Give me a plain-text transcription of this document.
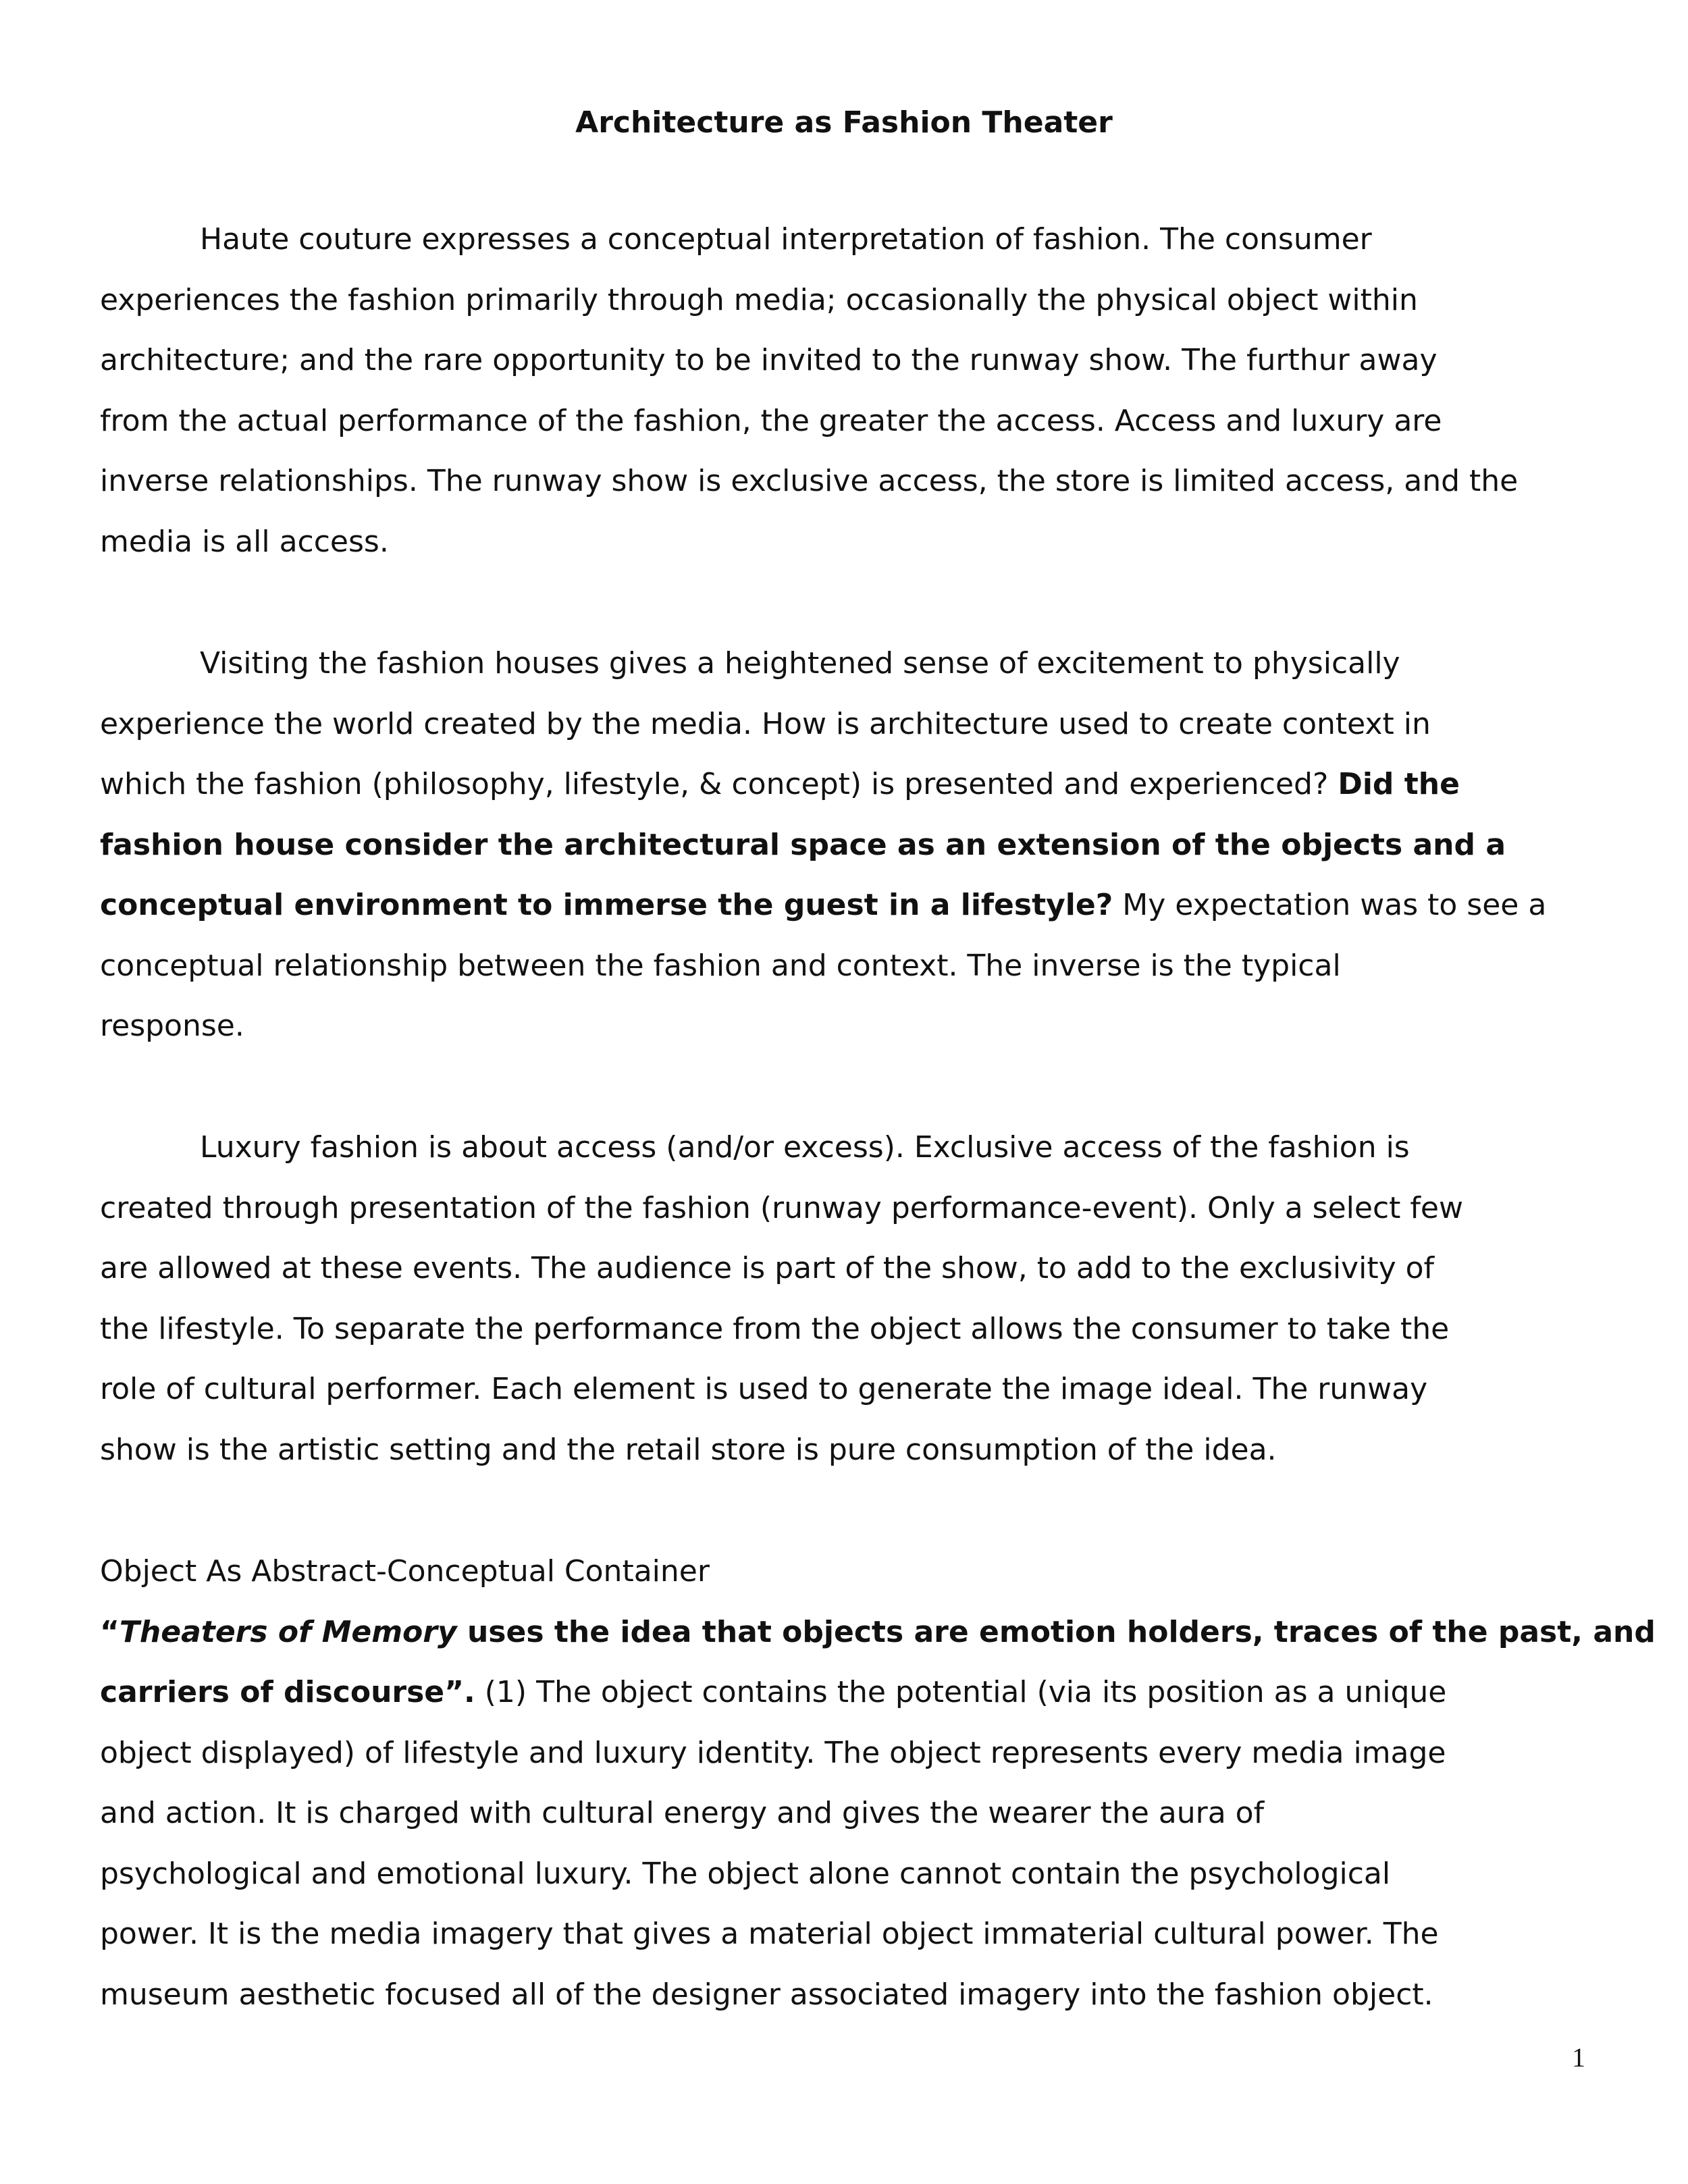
Architecture as Fashion Theater

Haute couture expresses a conceptual interpretation of fashion. The consumer
experiences the fashion primarily through media; occasionally the physical object within
architecture; and the rare opportunity to be invited to the runway show. The furthur away
from the actual performance of the fashion, the greater the access. Access and luxury are
inverse relationships. The runway show is exclusive access, the store is limited access, and the
media is all access.

Visiting the fashion houses gives a heightened sense of excitement to physically
experience the world created by the media. How is architecture used to create context in
which the fashion (philosophy, lifestyle, & concept) is presented and experienced? Did the
fashion house consider the architectural space as an extension of the objects and a
conceptual environment to immerse the guest in a lifestyle? My expectation was to see a
conceptual relationship between the fashion and context. The inverse is the typical
response.

Luxury fashion is about access (and/or excess). Exclusive access of the fashion is
created through presentation of the fashion (runway performance-event). Only a select few
are allowed at these events. The audience is part of the show, to add to the exclusivity of
the lifestyle. To separate the performance from the object allows the consumer to take the
role of cultural performer. Each element is used to generate the image ideal. The runway
show is the artistic setting and the retail store is pure consumption of the idea.

Object As Abstract-Conceptual Container
“Theaters of Memory uses the idea that objects are emotion holders, traces of the past, and
carriers of discourse”. (1) The object contains the potential (via its position as a unique
object displayed) of lifestyle and luxury identity. The object represents every media image
and action. It is charged with cultural energy and gives the wearer the aura of
psychological and emotional luxury. The object alone cannot contain the psychological
power. It is the media imagery that gives a material object immaterial cultural power. The
museum aesthetic focused all of the designer associated imagery into the fashion object.

1
